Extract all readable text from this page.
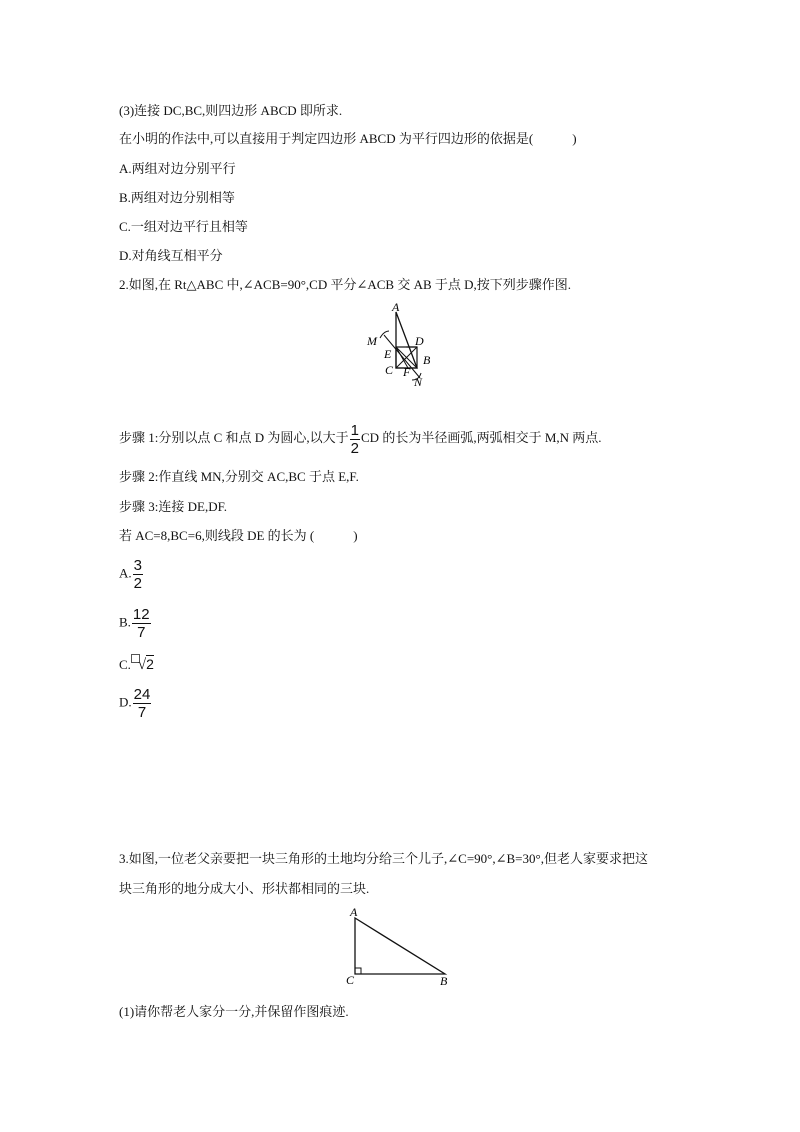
(3)连接 DC,BC,则四边形 ABCD 即所求.
在小明的作法中,可以直接用于判定四边形 ABCD 为平行四边形的依据是(　　　)
A.两组对边分别平行
B.两组对边分别相等
C.一组对边平行且相等
D.对角线互相平分
2.如图,在 Rt△ABC 中,∠ACB=90°,CD 平分∠ACB 交 AB 于点 D,按下列步骤作图.
A
M	D
E	B
C F
N
步骤 1:分别以点 C 和点 D 为圆心,以大于 $\frac{1}{2}$ CD 的长为半径画弧,两弧相交于 M,N 两点.
步骤 2:作直线 MN,分别交 AC,BC 于点 E,F.
步骤 3:连接 DE,DF.
若 AC=8,BC=6,则线段 DE 的长为 (　　　)
A. $\frac{3}{2}$
B. $\frac{12}{7}$
C. √2
D. $\frac{24}{7}$
3.如图,一位老父亲要把一块三角形的土地均分给三个儿子,∠C=90°,∠B=30°,但老人家要求把这
块三角形的地分成大小、形状都相同的三块.
A
C	B
(1)请你帮老人家分一分,并保留作图痕迹.
